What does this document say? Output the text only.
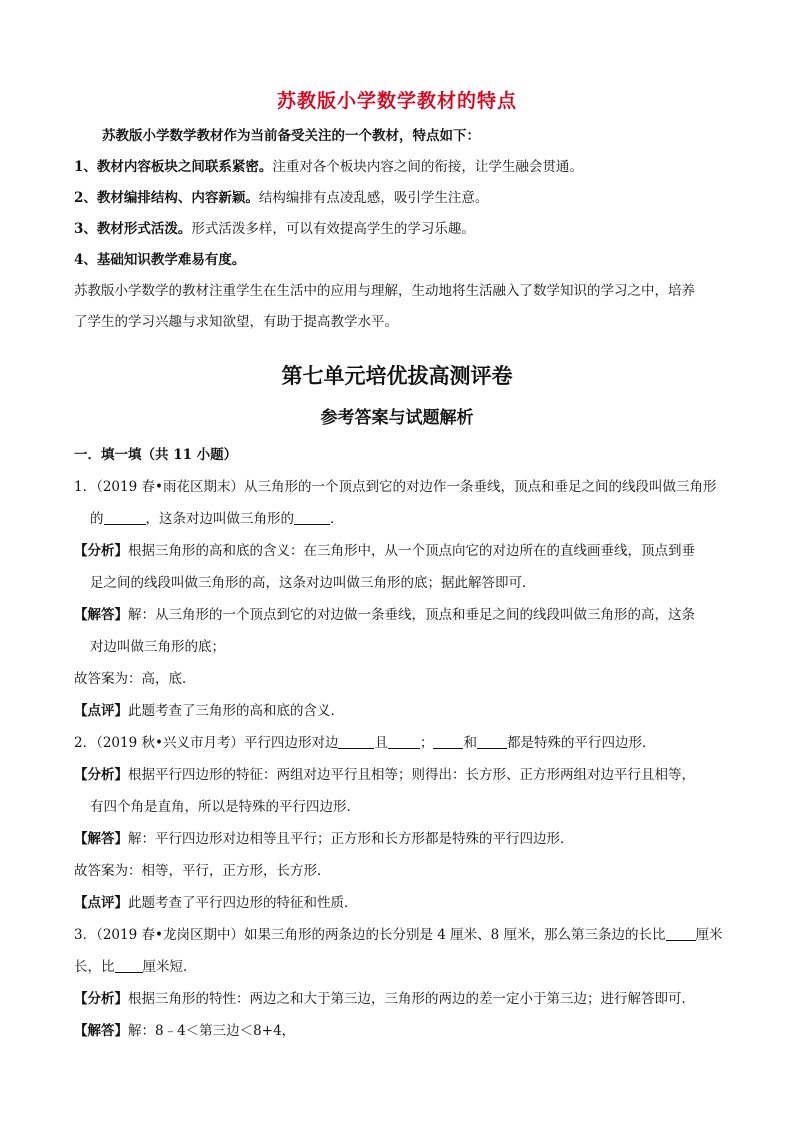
苏教版小学数学教材的特点
苏教版小学数学教材作为当前备受关注的一个教材，特点如下：
1、教材内容板块之间联系紧密。注重对各个板块内容之间的衔接，让学生融会贯通。
2、教材编排结构、内容新颖。结构编排有点凌乱感，吸引学生注意。
3、教材形式活泼。形式活泼多样，可以有效提高学生的学习乐趣。
4、基础知识教学难易有度。
苏教版小学数学的教材注重学生在生活中的应用与理解，生动地将生活融入了数学知识的学习之中，培养
了学生的学习兴趣与求知欲望，有助于提高教学水平。
第七单元培优拔高测评卷
参考答案与试题解析
一．填一填（共 11 小题）
1．（2019 春•雨花区期末）从三角形的一个顶点到它的对边作一条垂线，顶点和垂足之间的线段叫做三角形
的	，这条对边叫做三角形的	．
【分析】根据三角形的高和底的含义：在三角形中，从一个顶点向它的对边所在的直线画垂线，顶点到垂
足之间的线段叫做三角形的高，这条对边叫做三角形的底；据此解答即可．
【解答】解：从三角形的一个顶点到它的对边做一条垂线，顶点和垂足之间的线段叫做三角形的高，这条
对边叫做三角形的底；
故答案为：高，底．
【点评】此题考查了三角形的高和底的含义．
2．（2019 秋•兴义市月考）平行四边形对边	且 ； 和 都是特殊的平行四边形．
【分析】根据平行四边形的特征：两组对边平行且相等；则得出：长方形、正方形两组对边平行且相等，
有四个角是直角，所以是特殊的平行四边形．
【解答】解：平行四边形对边相等且平行；正方形和长方形都是特殊的平行四边形．
故答案为：相等，平行，正方形，长方形．
【点评】此题考查了平行四边形的特征和性质．
3．（2019 春•龙岗区期中）如果三角形的两条边的长分别是 4 厘米、8 厘米，那么第三条边的长比 厘米
长，比 厘米短．
【分析】根据三角形的特性：两边之和大于第三边，三角形的两边的差一定小于第三边；进行解答即可．
【解答】解：8﹣4＜第三边＜8+4，
